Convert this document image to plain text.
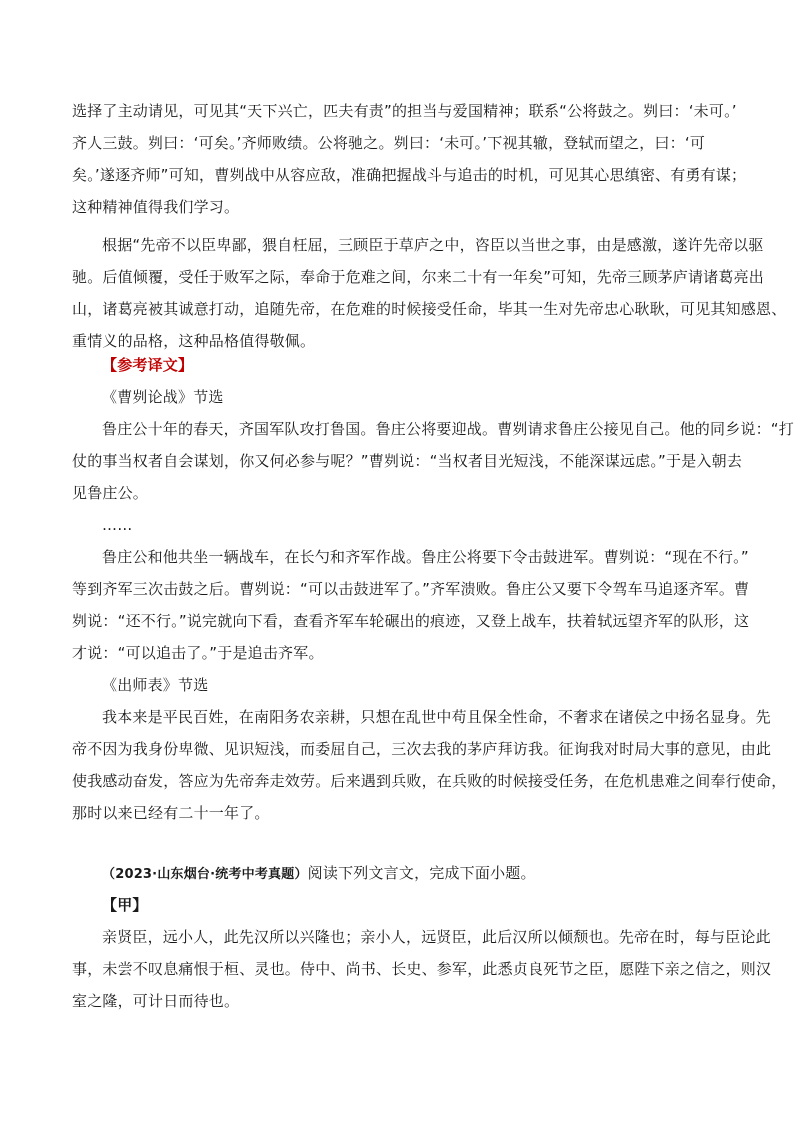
选择了主动请见，可见其“天下兴亡，匹夫有责”的担当与爱国精神；联系“公将鼓之。刿曰：‘未可。’
齐人三鼓。刿曰：‘可矣。’齐师败绩。公将驰之。刿曰：‘未可。’下视其辙，登轼而望之，曰：‘可
矣。’遂逐齐师”可知，曹刿战中从容应敌，准确把握战斗与追击的时机，可见其心思缜密、有勇有谋；
这种精神值得我们学习。
根据“先帝不以臣卑鄙，猥自枉屈，三顾臣于草庐之中，咨臣以当世之事，由是感激，遂许先帝以驱
驰。后值倾覆，受任于败军之际，奉命于危难之间，尔来二十有一年矣”可知，先帝三顾茅庐请诸葛亮出
山，诸葛亮被其诚意打动，追随先帝，在危难的时候接受任命，毕其一生对先帝忠心耿耿，可见其知感恩、
重情义的品格，这种品格值得敬佩。
【参考译文】
《曹刿论战》节选
鲁庄公十年的春天，齐国军队攻打鲁国。鲁庄公将要迎战。曹刿请求鲁庄公接见自己。他的同乡说：“打
仗的事当权者自会谋划，你又何必参与呢？”曹刿说：“当权者目光短浅，不能深谋远虑。”于是入朝去
见鲁庄公。
……
鲁庄公和他共坐一辆战车，在长勺和齐军作战。鲁庄公将要下令击鼓进军。曹刿说：“现在不行。”
等到齐军三次击鼓之后。曹刿说：“可以击鼓进军了。”齐军溃败。鲁庄公又要下令驾车马追逐齐军。曹
刿说：“还不行。”说完就向下看，查看齐军车轮碾出的痕迹，又登上战车，扶着轼远望齐军的队形，这
才说：“可以追击了。”于是追击齐军。
《出师表》节选
我本来是平民百姓，在南阳务农亲耕，只想在乱世中苟且保全性命，不奢求在诸侯之中扬名显身。先
帝不因为我身份卑微、见识短浅，而委屈自己，三次去我的茅庐拜访我。征询我对时局大事的意见，由此
使我感动奋发，答应为先帝奔走效劳。后来遇到兵败，在兵败的时候接受任务，在危机患难之间奉行使命，
那时以来已经有二十一年了。
（2023·山东烟台·统考中考真题）阅读下列文言文，完成下面小题。
【甲】
亲贤臣，远小人，此先汉所以兴隆也；亲小人，远贤臣，此后汉所以倾颓也。先帝在时，每与臣论此
事，未尝不叹息痛恨于桓、灵也。侍中、尚书、长史、参军，此悉贞良死节之臣，愿陛下亲之信之，则汉
室之隆，可计日而待也。
